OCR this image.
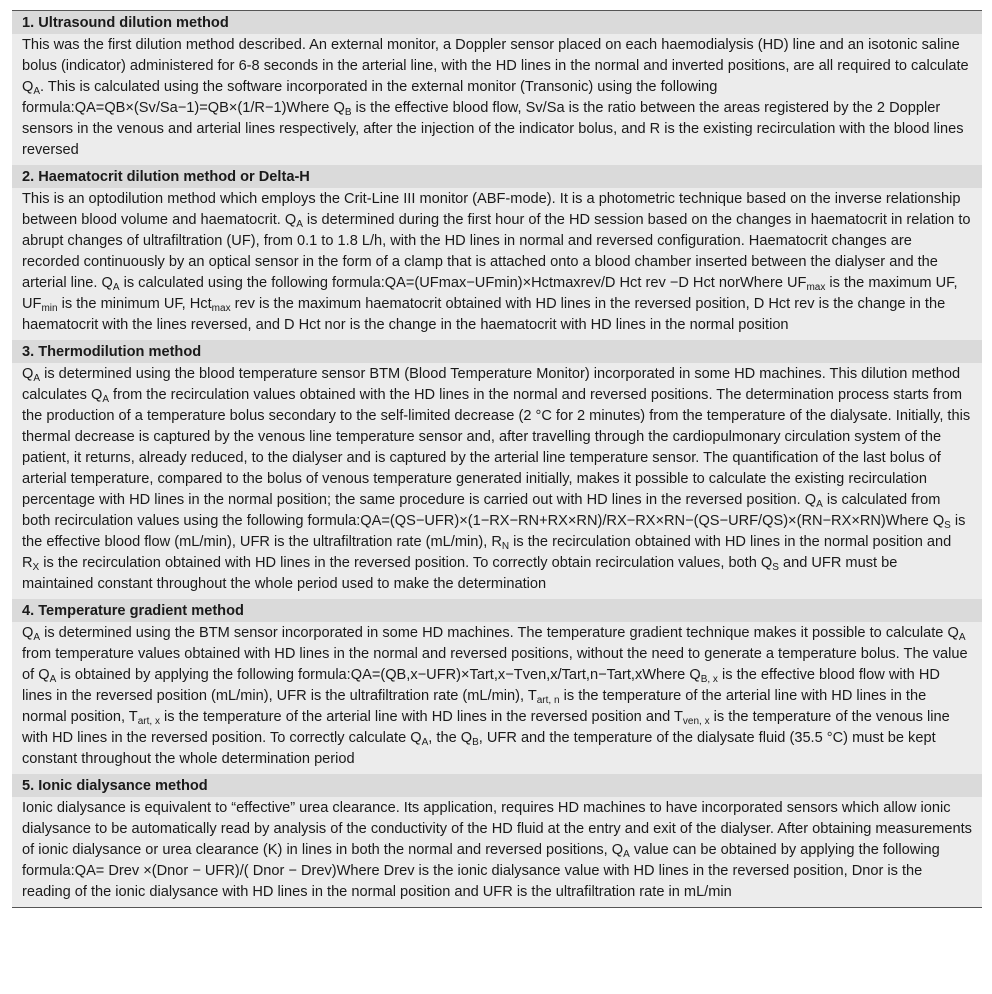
1. Ultrasound dilution method
This was the first dilution method described. An external monitor, a Doppler sensor placed on each haemodialysis (HD) line and an isotonic saline bolus (indicator) administered for 6-8 seconds in the arterial line, with the HD lines in the normal and inverted positions, are all required to calculate $Q_A$. This is calculated using the software incorporated in the external monitor (Transonic) using the following formula:QA=QB×(Sv/Sa−1)=QB×(1/R−1)Where $Q_B$ is the effective blood flow, Sv/Sa is the ratio between the areas registered by the 2 Doppler sensors in the venous and arterial lines respectively, after the injection of the indicator bolus, and R is the existing recirculation with the blood lines reversed
2. Haematocrit dilution method or Delta-H
This is an optodilution method which employs the Crit-Line III monitor (ABF-mode). It is a photometric technique based on the inverse relationship between blood volume and haematocrit. $Q_A$ is determined during the first hour of the HD session based on the changes in haematocrit in relation to abrupt changes of ultrafiltration (UF), from 0.1 to 1.8 L/h, with the HD lines in normal and reversed configuration. Haematocrit changes are recorded continuously by an optical sensor in the form of a clamp that is attached onto a blood chamber inserted between the dialyser and the arterial line. $Q_A$ is calculated using the following formula:QA=(UFmax−UFmin)×Hctmaxrev/D Hct rev −D Hct norWhere $UF_{max}$ is the maximum UF, $UF_{min}$ is the minimum UF, Hct$_{max}$ rev is the maximum haematocrit obtained with HD lines in the reversed position, D Hct rev is the change in the haematocrit with the lines reversed, and D Hct nor is the change in the haematocrit with HD lines in the normal position
3. Thermodilution method
$Q_A$ is determined using the blood temperature sensor BTM (Blood Temperature Monitor) incorporated in some HD machines. This dilution method calculates $Q_A$ from the recirculation values obtained with the HD lines in the normal and reversed positions. The determination process starts from the production of a temperature bolus secondary to the self-limited decrease (2 °C for 2 minutes) from the temperature of the dialysate. Initially, this thermal decrease is captured by the venous line temperature sensor and, after travelling through the cardiopulmonary circulation system of the patient, it returns, already reduced, to the dialyser and is captured by the arterial line temperature sensor. The quantification of the last bolus of arterial temperature, compared to the bolus of venous temperature generated initially, makes it possible to calculate the existing recirculation percentage with HD lines in the normal position; the same procedure is carried out with HD lines in the reversed position. $Q_A$ is calculated from both recirculation values using the following formula:QA=(QS−UFR)×(1−RX−RN+RX×RN)/RX−RX×RN−(QS−URF/QS)×(RN−RX×RN)Where $Q_S$ is the effective blood flow (mL/min), UFR is the ultrafiltration rate (mL/min), $R_N$ is the recirculation obtained with HD lines in the normal position and $R_X$ is the recirculation obtained with HD lines in the reversed position. To correctly obtain recirculation values, both $Q_S$ and UFR must be maintained constant throughout the whole period used to make the determination
4. Temperature gradient method
$Q_A$ is determined using the BTM sensor incorporated in some HD machines. The temperature gradient technique makes it possible to calculate $Q_A$ from temperature values obtained with HD lines in the normal and reversed positions, without the need to generate a temperature bolus. The value of $Q_A$ is obtained by applying the following formula:QA=(QB,x−UFR)×Tart,x−Tven,x/Tart,n−Tart,xWhere $Q_{B, x}$ is the effective blood flow with HD lines in the reversed position (mL/min), UFR is the ultrafiltration rate (mL/min), $T_{art, n}$ is the temperature of the arterial line with HD lines in the normal position, $T_{art, x}$ is the temperature of the arterial line with HD lines in the reversed position and $T_{ven, x}$ is the temperature of the venous line with HD lines in the reversed position. To correctly calculate $Q_A$, the $Q_B$, UFR and the temperature of the dialysate fluid (35.5 °C) must be kept constant throughout the whole determination period
5. Ionic dialysance method
Ionic dialysance is equivalent to “effective” urea clearance. Its application, requires HD machines to have incorporated sensors which allow ionic dialysance to be automatically read by analysis of the conductivity of the HD fluid at the entry and exit of the dialyser. After obtaining measurements of ionic dialysance or urea clearance (K) in lines in both the normal and reversed positions, $Q_A$ value can be obtained by applying the following formula:QA= Drev ×(Dnor − UFR)/( Dnor − Drev)Where Drev is the ionic dialysance value with HD lines in the reversed position, Dnor is the reading of the ionic dialysance with HD lines in the normal position and UFR is the ultrafiltration rate in mL/min
